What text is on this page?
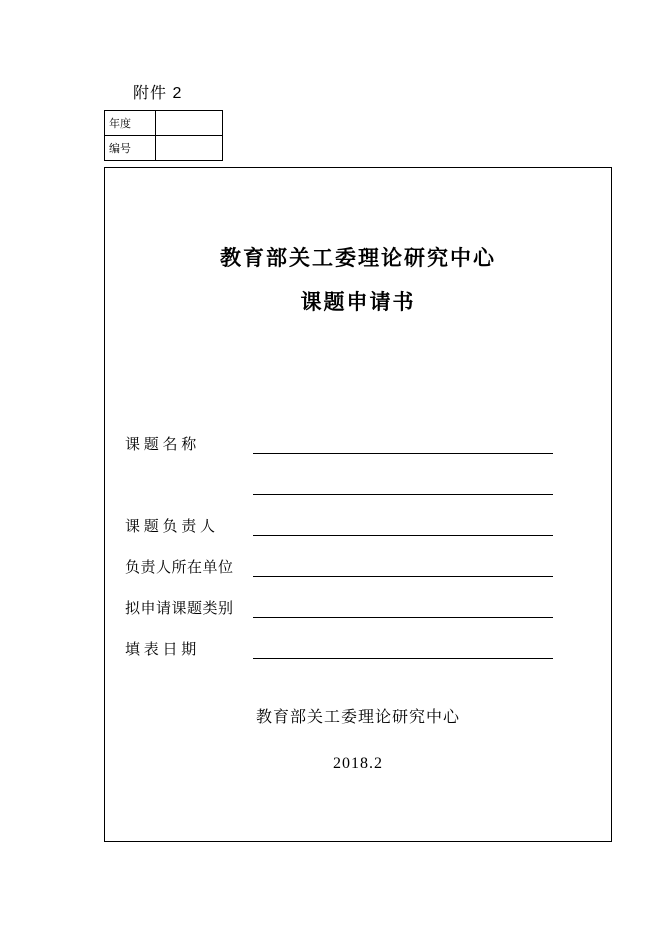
附件 2
年度	
编号	
教育部关工委理论研究中心
课题申请书
课 题 名 称
课 题 负 责 人
负责人所在单位
拟申请课题类别
填 表 日 期
教育部关工委理论研究中心
2018.2
